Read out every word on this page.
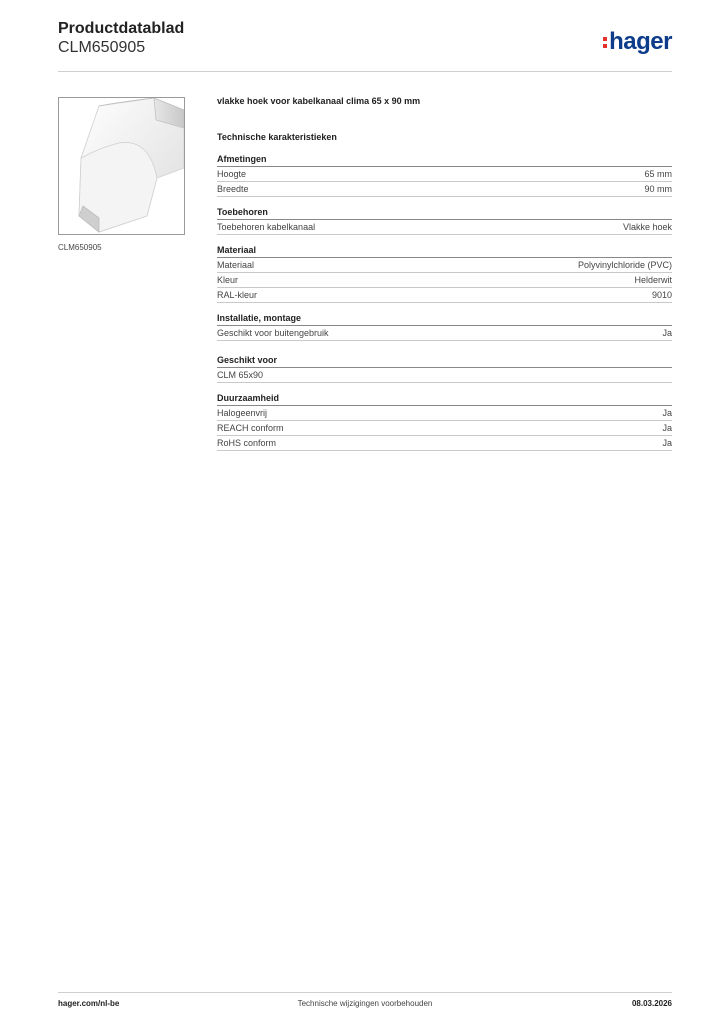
Productdatablad
CLM650905	hager
CLM650905
vlakke hoek voor kabelkanaal clima 65 x 90 mm
Technische karakteristieken
Afmetingen
Hoogte	65 mm
Breedte	90 mm
Toebehoren
Toebehoren kabelkanaal	Vlakke hoek
Materiaal
Materiaal	Polyvinylchloride (PVC)
Kleur	Helderwit
RAL-kleur	9010
Installatie, montage
Geschikt voor buitengebruik	Ja
Geschikt voor
CLM 65x90
Duurzaamheid
Halogeenvrij	Ja
REACH conform	Ja
RoHS conform	Ja
hager.com/nl-be	Technische wijzigingen voorbehouden	08.03.2026
